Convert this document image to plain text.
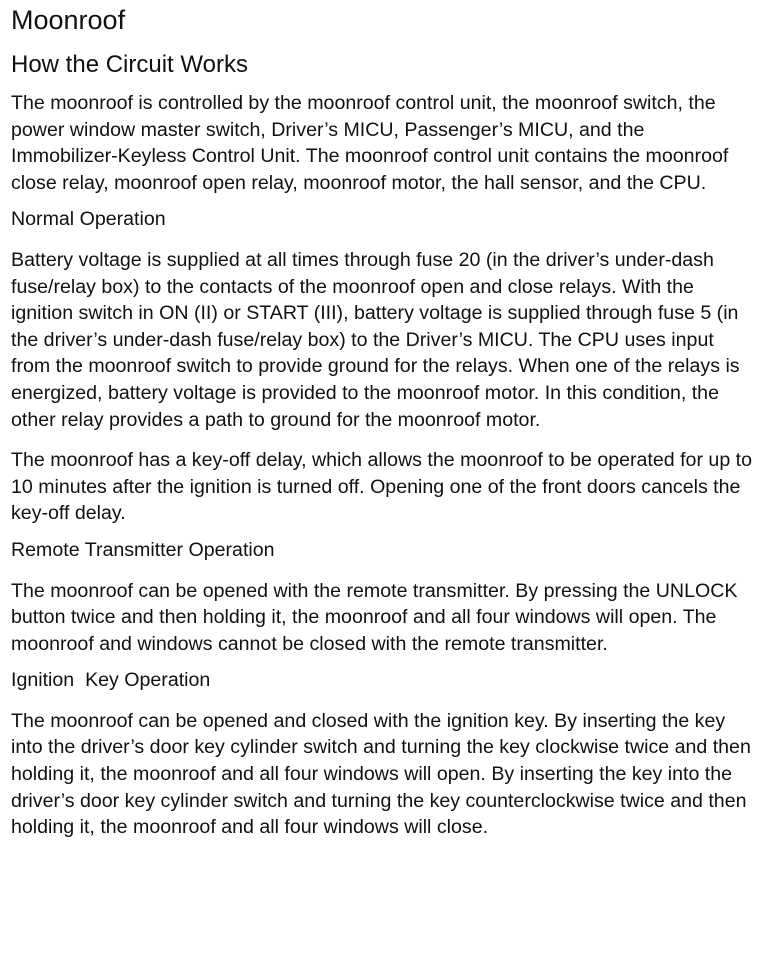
Moonroof
How the Circuit Works

The moonroof is controlled by the moonroof control unit, the moonroof switch, the power window master switch, Driver’s MICU, Passenger’s MICU, and the Immobilizer-Keyless Control Unit. The moonroof control unit contains the moonroof close relay, moonroof open relay, moonroof motor, the hall sensor, and the CPU.

Normal Operation

Battery voltage is supplied at all times through fuse 20 (in the driver’s under-dash fuse/relay box) to the contacts of the moonroof open and close relays. With the ignition switch in ON (II) or START (III), battery voltage is supplied through fuse 5 (in the driver’s under-dash fuse/relay box) to the Driver’s MICU. The CPU uses input from the moonroof switch to provide ground for the relays. When one of the relays is energized, battery voltage is provided to the moonroof motor. In this condition, the other relay provides a path to ground for the moonroof motor.

The moonroof has a key-off delay, which allows the moonroof to be operated for up to 10 minutes after the ignition is turned off. Opening one of the front doors cancels the key-off delay.

Remote Transmitter Operation

The moonroof can be opened with the remote transmitter. By pressing the UNLOCK button twice and then holding it, the moonroof and all four windows will open. The moonroof and windows cannot be closed with the remote transmitter.

Ignition  Key Operation

The moonroof can be opened and closed with the ignition key. By inserting the key into the driver’s door key cylinder switch and turning the key clockwise twice and then holding it, the moonroof and all four windows will open. By inserting the key into the driver’s door key cylinder switch and turning the key counterclockwise twice and then holding it, the moonroof and all four windows will close.
